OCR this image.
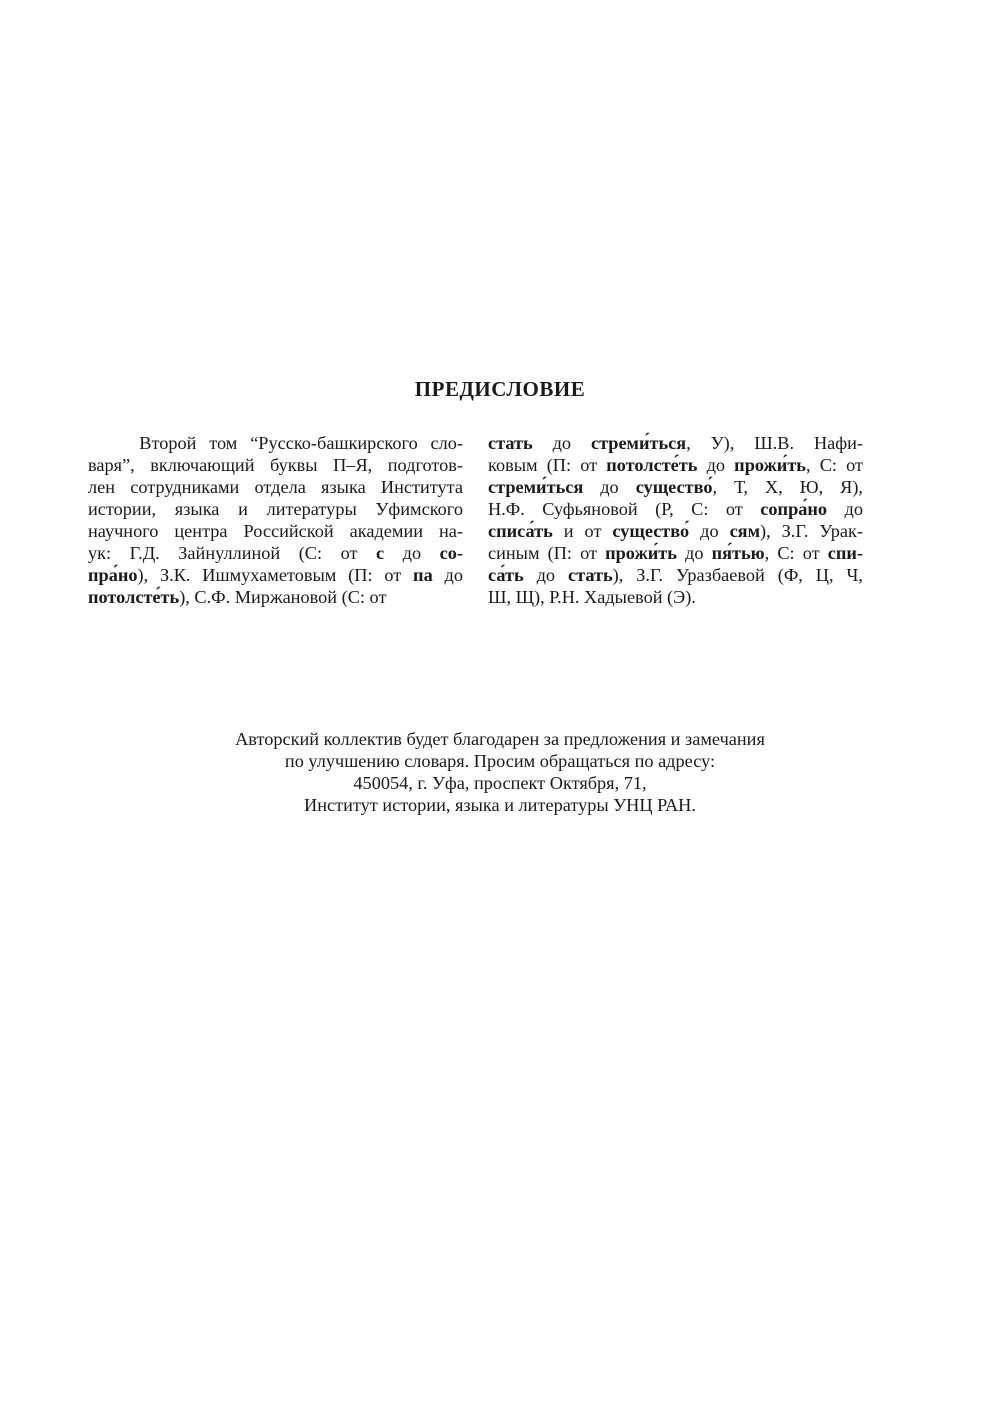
ПРЕДИСЛОВИЕ
Второй том “Русско-башкирского сло-
варя”, включающий буквы П–Я, подготов-
лен сотрудниками отдела языка Института
истории, языка и литературы Уфимского
научного центра Российской академии на-
ук: Г.Д. Зайнуллиной (С: от с до со-
пра́но), З.К. Ишмухаметовым (П: от па до
потолсте́ть), С.Ф. Миржановой (С: от
стать до стреми́ться, У), Ш.В. Нафи-
ковым (П: от потолсте́ть до прожи́ть, С: от
стреми́ться до существо́, Т, Х, Ю, Я),
Н.Ф. Суфьяновой (Р, С: от сопра́но до
списа́ть и от существо́ до сям), З.Г. Урак-
синым (П: от прожи́ть до пя́тью, С: от спи-
са́ть до стать), З.Г. Уразбаевой (Ф, Ц, Ч,
Ш, Щ), Р.Н. Хадыевой (Э).
Авторский коллектив будет благодарен за предложения и замечания
по улучшению словаря. Просим обращаться по адресу:
450054, г. Уфа, проспект Октября, 71,
Институт истории, языка и литературы УНЦ РАН.
